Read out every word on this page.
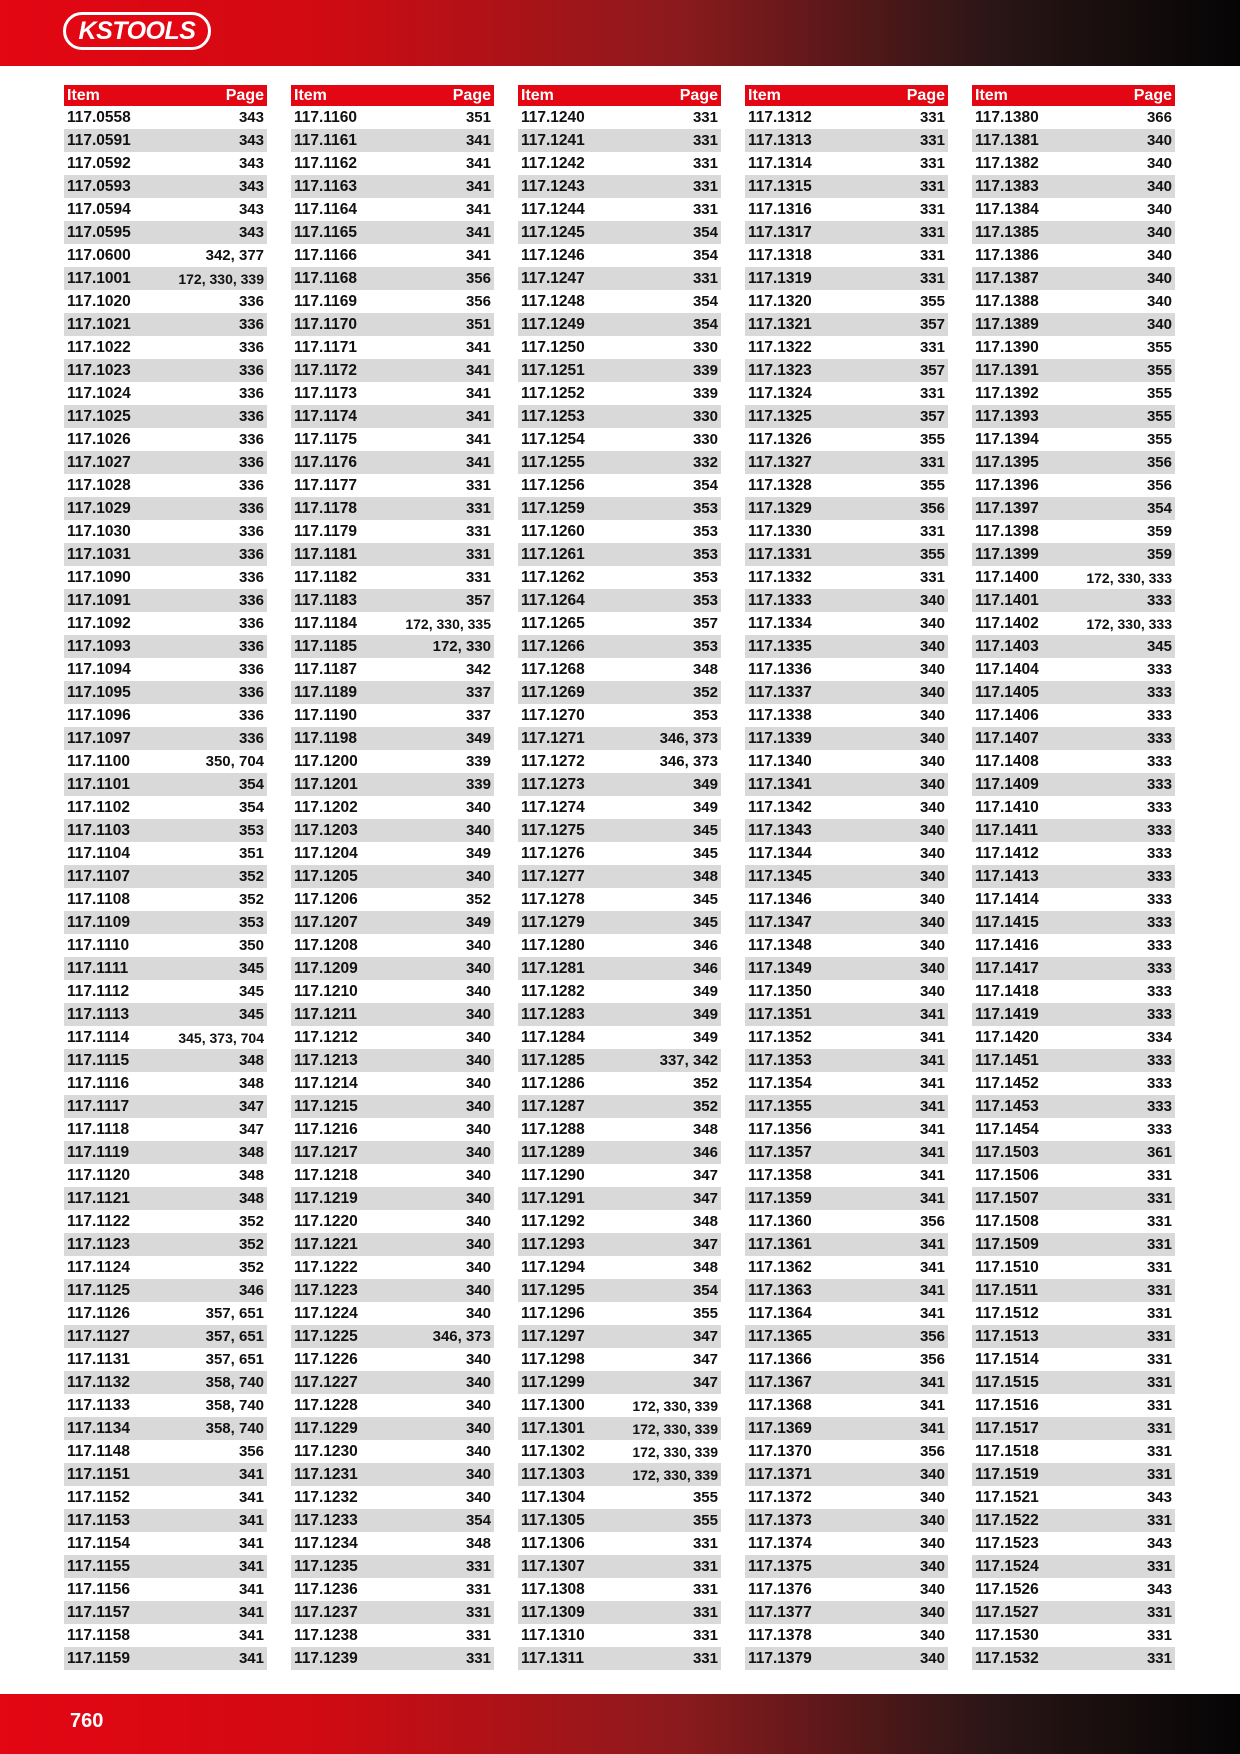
KSTOOLS
Item	Page
117.0558	343
117.0591	343
117.0592	343
117.0593	343
117.0594	343
117.0595	343
117.0600	342, 377
117.1001	172, 330, 339
117.1020	336
117.1021	336
117.1022	336
117.1023	336
117.1024	336
117.1025	336
117.1026	336
117.1027	336
117.1028	336
117.1029	336
117.1030	336
117.1031	336
117.1090	336
117.1091	336
117.1092	336
117.1093	336
117.1094	336
117.1095	336
117.1096	336
117.1097	336
117.1100	350, 704
117.1101	354
117.1102	354
117.1103	353
117.1104	351
117.1107	352
117.1108	352
117.1109	353
117.1110	350
117.1111	345
117.1112	345
117.1113	345
117.1114	345, 373, 704
117.1115	348
117.1116	348
117.1117	347
117.1118	347
117.1119	348
117.1120	348
117.1121	348
117.1122	352
117.1123	352
117.1124	352
117.1125	346
117.1126	357, 651
117.1127	357, 651
117.1131	357, 651
117.1132	358, 740
117.1133	358, 740
117.1134	358, 740
117.1148	356
117.1151	341
117.1152	341
117.1153	341
117.1154	341
117.1155	341
117.1156	341
117.1157	341
117.1158	341
117.1159	341
Item	Page
117.1160	351
117.1161	341
117.1162	341
117.1163	341
117.1164	341
117.1165	341
117.1166	341
117.1168	356
117.1169	356
117.1170	351
117.1171	341
117.1172	341
117.1173	341
117.1174	341
117.1175	341
117.1176	341
117.1177	331
117.1178	331
117.1179	331
117.1181	331
117.1182	331
117.1183	357
117.1184	172, 330, 335
117.1185	172, 330
117.1187	342
117.1189	337
117.1190	337
117.1198	349
117.1200	339
117.1201	339
117.1202	340
117.1203	340
117.1204	349
117.1205	340
117.1206	352
117.1207	349
117.1208	340
117.1209	340
117.1210	340
117.1211	340
117.1212	340
117.1213	340
117.1214	340
117.1215	340
117.1216	340
117.1217	340
117.1218	340
117.1219	340
117.1220	340
117.1221	340
117.1222	340
117.1223	340
117.1224	340
117.1225	346, 373
117.1226	340
117.1227	340
117.1228	340
117.1229	340
117.1230	340
117.1231	340
117.1232	340
117.1233	354
117.1234	348
117.1235	331
117.1236	331
117.1237	331
117.1238	331
117.1239	331
Item	Page
117.1240	331
117.1241	331
117.1242	331
117.1243	331
117.1244	331
117.1245	354
117.1246	354
117.1247	331
117.1248	354
117.1249	354
117.1250	330
117.1251	339
117.1252	339
117.1253	330
117.1254	330
117.1255	332
117.1256	354
117.1259	353
117.1260	353
117.1261	353
117.1262	353
117.1264	353
117.1265	357
117.1266	353
117.1268	348
117.1269	352
117.1270	353
117.1271	346, 373
117.1272	346, 373
117.1273	349
117.1274	349
117.1275	345
117.1276	345
117.1277	348
117.1278	345
117.1279	345
117.1280	346
117.1281	346
117.1282	349
117.1283	349
117.1284	349
117.1285	337, 342
117.1286	352
117.1287	352
117.1288	348
117.1289	346
117.1290	347
117.1291	347
117.1292	348
117.1293	347
117.1294	348
117.1295	354
117.1296	355
117.1297	347
117.1298	347
117.1299	347
117.1300	172, 330, 339
117.1301	172, 330, 339
117.1302	172, 330, 339
117.1303	172, 330, 339
117.1304	355
117.1305	355
117.1306	331
117.1307	331
117.1308	331
117.1309	331
117.1310	331
117.1311	331
Item	Page
117.1312	331
117.1313	331
117.1314	331
117.1315	331
117.1316	331
117.1317	331
117.1318	331
117.1319	331
117.1320	355
117.1321	357
117.1322	331
117.1323	357
117.1324	331
117.1325	357
117.1326	355
117.1327	331
117.1328	355
117.1329	356
117.1330	331
117.1331	355
117.1332	331
117.1333	340
117.1334	340
117.1335	340
117.1336	340
117.1337	340
117.1338	340
117.1339	340
117.1340	340
117.1341	340
117.1342	340
117.1343	340
117.1344	340
117.1345	340
117.1346	340
117.1347	340
117.1348	340
117.1349	340
117.1350	340
117.1351	341
117.1352	341
117.1353	341
117.1354	341
117.1355	341
117.1356	341
117.1357	341
117.1358	341
117.1359	341
117.1360	356
117.1361	341
117.1362	341
117.1363	341
117.1364	341
117.1365	356
117.1366	356
117.1367	341
117.1368	341
117.1369	341
117.1370	356
117.1371	340
117.1372	340
117.1373	340
117.1374	340
117.1375	340
117.1376	340
117.1377	340
117.1378	340
117.1379	340
Item	Page
117.1380	366
117.1381	340
117.1382	340
117.1383	340
117.1384	340
117.1385	340
117.1386	340
117.1387	340
117.1388	340
117.1389	340
117.1390	355
117.1391	355
117.1392	355
117.1393	355
117.1394	355
117.1395	356
117.1396	356
117.1397	354
117.1398	359
117.1399	359
117.1400	172, 330, 333
117.1401	333
117.1402	172, 330, 333
117.1403	345
117.1404	333
117.1405	333
117.1406	333
117.1407	333
117.1408	333
117.1409	333
117.1410	333
117.1411	333
117.1412	333
117.1413	333
117.1414	333
117.1415	333
117.1416	333
117.1417	333
117.1418	333
117.1419	333
117.1420	334
117.1451	333
117.1452	333
117.1453	333
117.1454	333
117.1503	361
117.1506	331
117.1507	331
117.1508	331
117.1509	331
117.1510	331
117.1511	331
117.1512	331
117.1513	331
117.1514	331
117.1515	331
117.1516	331
117.1517	331
117.1518	331
117.1519	331
117.1521	343
117.1522	331
117.1523	343
117.1524	331
117.1526	343
117.1527	331
117.1530	331
117.1532	331
760
